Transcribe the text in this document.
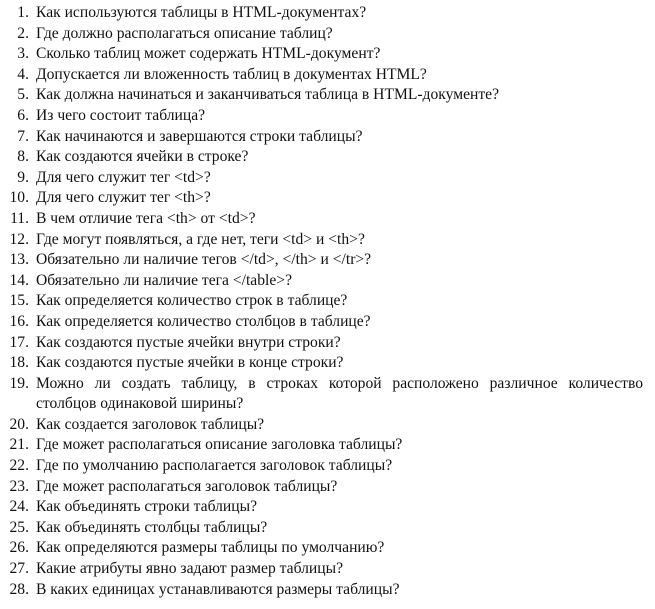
1. Как используются таблицы в HTML-документах?
2. Где должно располагаться описание таблиц?
3. Сколько таблиц может содержать HTML-документ?
4. Допускается ли вложенность таблиц в документах HTML?
5. Как должна начинаться и заканчиваться таблица в HTML-документе?
6. Из чего состоит таблица?
7. Как начинаются и завершаются строки таблицы?
8. Как создаются ячейки в строке?
9. Для чего служит тег <td>?
10. Для чего служит тег <th>?
11. В чем отличие тега <th> от <td>?
12. Где могут появляться, а где нет, теги <td> и <th>?
13. Обязательно ли наличие тегов </td>, </th> и </tr>?
14. Обязательно ли наличие тега </table>?
15. Как определяется количество строк в таблице?
16. Как определяется количество столбцов в таблице?
17. Как создаются пустые ячейки внутри строки?
18. Как создаются пустые ячейки в конце строки?
19. Можно ли создать таблицу, в строках которой расположено различное количество столбцов одинаковой ширины?
20. Как создается заголовок таблицы?
21. Где может располагаться описание заголовка таблицы?
22. Где по умолчанию располагается заголовок таблицы?
23. Где может располагаться заголовок таблицы?
24. Как объединять строки таблицы?
25. Как объединять столбцы таблицы?
26. Как определяются размеры таблицы по умолчанию?
27. Какие атрибуты явно задают размер таблицы?
28. В каких единицах устанавливаются размеры таблицы?
